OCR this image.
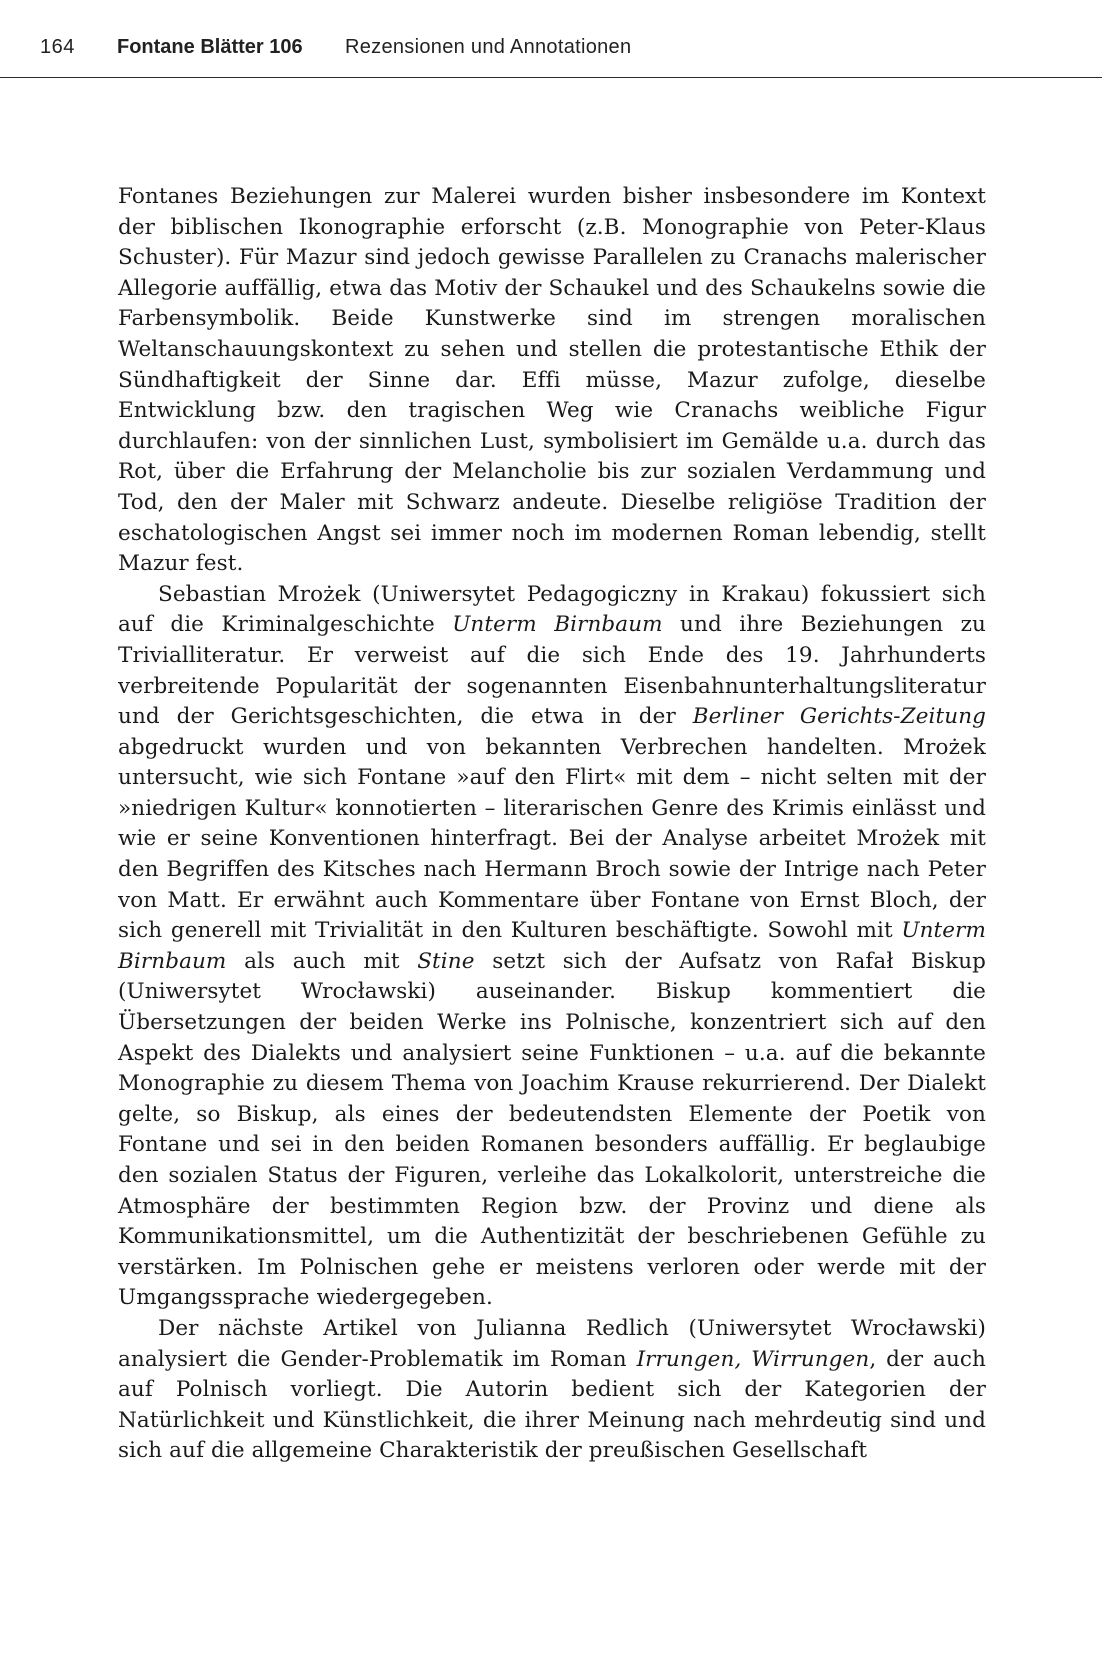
164 Fontane Blätter 106 Rezensionen und Annotationen

Fontanes Beziehungen zur Malerei wurden bisher insbesondere im Kontext der biblischen Ikonographie erforscht (z.B. Monographie von Peter-Klaus Schuster). Für Mazur sind jedoch gewisse Parallelen zu Cranachs malerischer Allegorie auffällig, etwa das Motiv der Schaukel und des Schaukelns sowie die Farbensymbolik. Beide Kunstwerke sind im strengen moralischen Weltanschauungskontext zu sehen und stellen die protestantische Ethik der Sündhaftigkeit der Sinne dar. Effi müsse, Mazur zufolge, dieselbe Entwicklung bzw. den tragischen Weg wie Cranachs weibliche Figur durchlaufen: von der sinnlichen Lust, symbolisiert im Gemälde u.a. durch das Rot, über die Erfahrung der Melancholie bis zur sozialen Verdammung und Tod, den der Maler mit Schwarz andeute. Dieselbe religiöse Tradition der eschatologischen Angst sei immer noch im modernen Roman lebendig, stellt Mazur fest.

Sebastian Mrożek (Uniwersytet Pedagogiczny in Krakau) fokussiert sich auf die Kriminalgeschichte Unterm Birnbaum und ihre Beziehungen zu Trivialliteratur. Er verweist auf die sich Ende des 19. Jahrhunderts verbreitende Popularität der sogenannten Eisenbahnunterhaltungsliteratur und der Gerichtsgeschichten, die etwa in der Berliner Gerichts-Zeitung abgedruckt wurden und von bekannten Verbrechen handelten. Mrożek untersucht, wie sich Fontane »auf den Flirt« mit dem – nicht selten mit der »niedrigen Kultur« konnotierten – literarischen Genre des Krimis einlässt und wie er seine Konventionen hinterfragt. Bei der Analyse arbeitet Mrożek mit den Begriffen des Kitsches nach Hermann Broch sowie der Intrige nach Peter von Matt. Er erwähnt auch Kommentare über Fontane von Ernst Bloch, der sich generell mit Trivialität in den Kulturen beschäftigte. Sowohl mit Unterm Birnbaum als auch mit Stine setzt sich der Aufsatz von Rafał Biskup (Uniwersytet Wrocławski) auseinander. Biskup kommentiert die Übersetzungen der beiden Werke ins Polnische, konzentriert sich auf den Aspekt des Dialekts und analysiert seine Funktionen – u.a. auf die bekannte Monographie zu diesem Thema von Joachim Krause rekurrierend. Der Dialekt gelte, so Biskup, als eines der bedeutendsten Elemente der Poetik von Fontane und sei in den beiden Romanen besonders auffällig. Er beglaubige den sozialen Status der Figuren, verleihe das Lokalkolorit, unterstreiche die Atmosphäre der bestimmten Region bzw. der Provinz und diene als Kommunikationsmittel, um die Authentizität der beschriebenen Gefühle zu verstärken. Im Polnischen gehe er meistens verloren oder werde mit der Umgangssprache wiedergegeben.

Der nächste Artikel von Julianna Redlich (Uniwersytet Wrocławski) analysiert die Gender-Problematik im Roman Irrungen, Wirrungen, der auch auf Polnisch vorliegt. Die Autorin bedient sich der Kategorien der Natürlichkeit und Künstlichkeit, die ihrer Meinung nach mehrdeutig sind und sich auf die allgemeine Charakteristik der preußischen Gesellschaft
